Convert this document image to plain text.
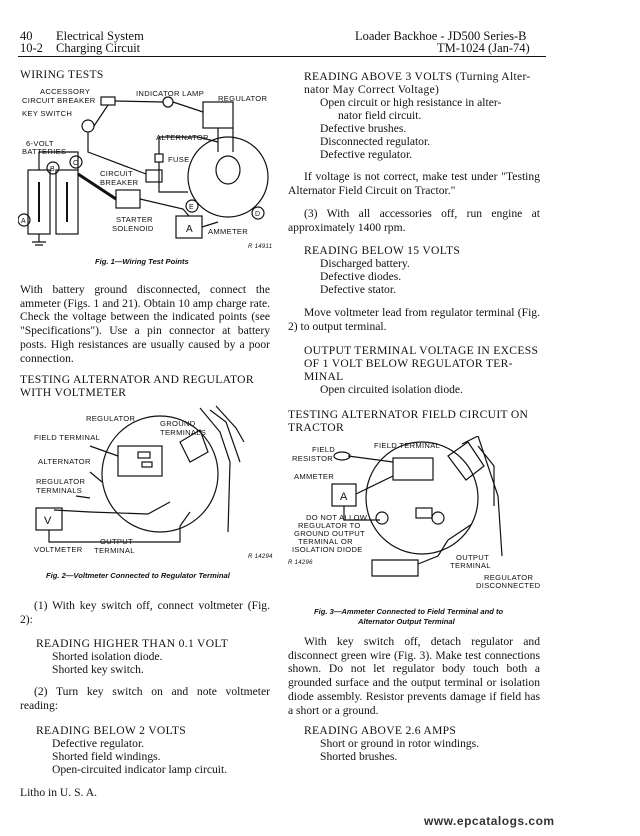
40 Electrical System
10-2 Charging Circuit
Loader Backhoe - JD500 Series-B
TM-1024 (Jan-74)
WIRING TESTS
ACCESSORY
CIRCUIT BREAKER
KEY SWITCH
INDICATOR LAMP
REGULATOR
ALTERNATOR
6-VOLT
BATTERIES
FUSE
CIRCUIT
BREAKER
STARTER
SOLENOID	AMMETER
A
B
C
A
E
D
R 14911
Fig. 1—Wiring Test Points
With battery ground disconnected, connect the ammeter (Figs. 1 and 21). Obtain 10 amp charge rate. Check the voltage between the indicated points (see "Specifications"). Use a pin connector at battery posts. High resistances are usually caused by a poor connection.
TESTING ALTERNATOR AND REGULATOR
WITH VOLTMETER
REGULATOR
GROUND
TERMINALS
FIELD TERMINAL
ALTERNATOR
REGULATOR
TERMINALS
V
VOLTMETER
OUTPUT
TERMINAL
R 14294
Fig. 2—Voltmeter Connected to Regulator Terminal
(1) With key switch off, connect voltmeter (Fig. 2):
READING HIGHER THAN 0.1 VOLT
Shorted isolation diode.
Shorted key switch.
(2) Turn key switch on and note voltmeter reading:
READING BELOW 2 VOLTS
Defective regulator.
Shorted field windings.
Open-circuited indicator lamp circuit.
Litho in U. S. A.
READING ABOVE 3 VOLTS (Turning Alter-
nator May Correct Voltage)
Open circuit or high resistance in alter-
nator field circuit.
Defective brushes.
Disconnected regulator.
Defective regulator.
If voltage is not correct, make test under "Testing Alternator Field Circuit on Tractor."
(3) With all accessories off, run engine at approximately 1400 rpm.
READING BELOW 15 VOLTS
Discharged battery.
Defective diodes.
Defective stator.
Move voltmeter lead from regulator terminal (Fig. 2) to output terminal.
OUTPUT TERMINAL VOLTAGE IN EXCESS
OF 1 VOLT BELOW REGULATOR TER-
MINAL
Open circuited isolation diode.
TESTING ALTERNATOR FIELD CIRCUIT ON
TRACTOR
FIELD
RESISTOR
FIELD TERMINAL
AMMETER
A
DO NOT ALLOW
REGULATOR TO
GROUND OUTPUT
TERMINAL OR
ISOLATION DIODE
OUTPUT
TERMINAL
REGULATOR
DISCONNECTED
R 14296
Fig. 3—Ammeter Connected to Field Terminal and to
Alternator Output Terminal
With key switch off, detach regulator and disconnect green wire (Fig. 3). Make test connections shown. Do not let regulator body touch both a grounded surface and the output terminal or isolation diode assembly. Resistor prevents damage if field has a short or a ground.
READING ABOVE 2.6 AMPS
Short or ground in rotor windings.
Shorted brushes.
www.epcatalogs.com
